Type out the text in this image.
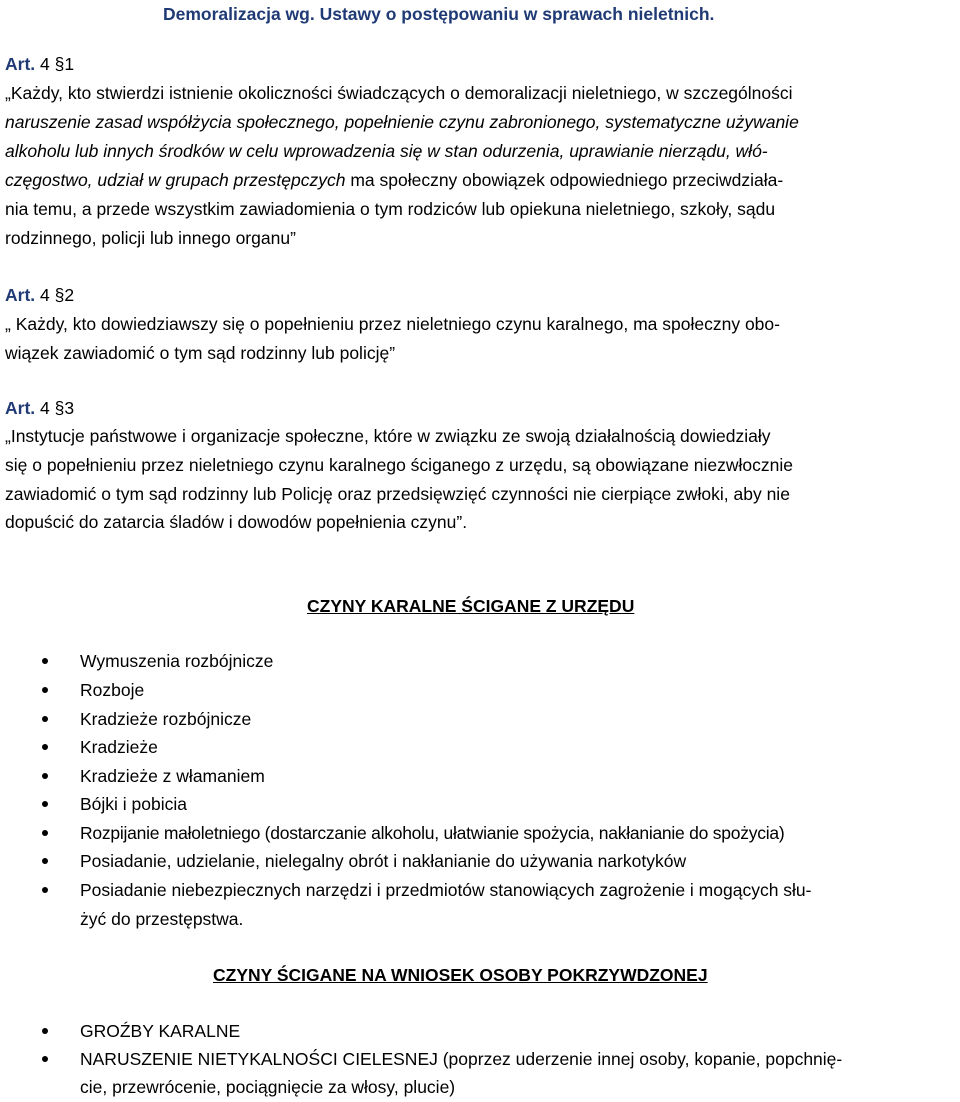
Demoralizacja wg. Ustawy o postępowaniu w sprawach nieletnich.
Art. 4 §1
„Każdy, kto stwierdzi istnienie okoliczności świadczących o demoralizacji nieletniego, w szczególności
naruszenie zasad współżycia społecznego, popełnienie czynu zabronionego, systematyczne używanie
alkoholu lub innych środków w celu wprowadzenia się w stan odurzenia, uprawianie nierządu, włó-
częgostwo, udział w grupach przestępczych ma społeczny obowiązek odpowiedniego przeciwdziała-
nia temu, a przede wszystkim zawiadomienia o tym rodziców lub opiekuna nieletniego, szkoły, sądu
rodzinnego, policji lub innego organu”
Art. 4 §2
„ Każdy, kto dowiedziawszy się o popełnieniu przez nieletniego czynu karalnego, ma społeczny obo-
wiązek zawiadomić o tym sąd rodzinny lub policję”
Art. 4 §3
„Instytucje państwowe i organizacje społeczne, które w związku ze swoją działalnością dowiedziały
się o popełnieniu przez nieletniego czynu karalnego ściganego z urzędu, są obowiązane niezwłocznie
zawiadomić o tym sąd rodzinny lub Policję oraz przedsięwzięć czynności nie cierpiące zwłoki, aby nie
dopuścić do zatarcia śladów i dowodów popełnienia czynu”.
CZYNY KARALNE ŚCIGANE Z URZĘDU
Wymuszenia rozbójnicze
Rozboje
Kradzieże rozbójnicze
Kradzieże
Kradzieże z włamaniem
Bójki i pobicia
Rozpijanie małoletniego (dostarczanie alkoholu, ułatwianie spożycia, nakłanianie do spożycia)
Posiadanie, udzielanie, nielegalny obrót i nakłanianie do używania narkotyków
Posiadanie niebezpiecznych narzędzi i przedmiotów stanowiących zagrożenie i mogących słu-
żyć do przestępstwa.
CZYNY ŚCIGANE NA WNIOSEK OSOBY POKRZYWDZONEJ
GROŹBY KARALNE
NARUSZENIE NIETYKALNOŚCI CIELESNEJ (poprzez uderzenie innej osoby, kopanie, popchnię-
cie, przewrócenie, pociągnięcie za włosy, plucie)
